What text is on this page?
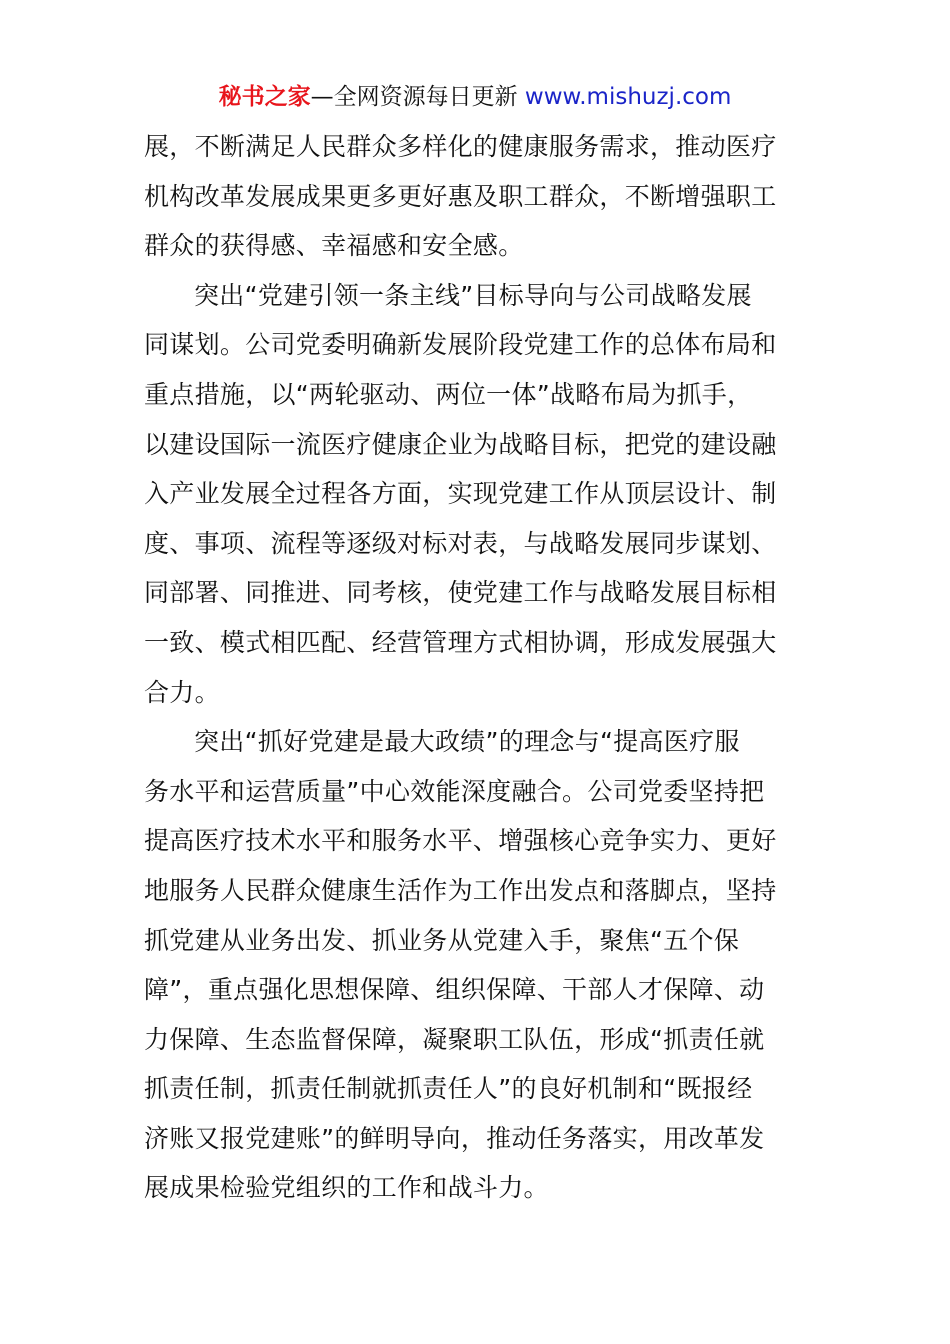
秘书之家—全网资源每日更新 www.mishuzj.com
展，不断满足人民群众多样化的健康服务需求，推动医疗
机构改革发展成果更多更好惠及职工群众，不断增强职工
群众的获得感、幸福感和安全感。
突出“党建引领一条主线”目标导向与公司战略发展
同谋划。公司党委明确新发展阶段党建工作的总体布局和
重点措施，以“两轮驱动、两位一体”战略布局为抓手，
以建设国际一流医疗健康企业为战略目标，把党的建设融
入产业发展全过程各方面，实现党建工作从顶层设计、制
度、事项、流程等逐级对标对表，与战略发展同步谋划、
同部署、同推进、同考核，使党建工作与战略发展目标相
一致、模式相匹配、经营管理方式相协调，形成发展强大
合力。
突出“抓好党建是最大政绩”的理念与“提高医疗服
务水平和运营质量”中心效能深度融合。公司党委坚持把
提高医疗技术水平和服务水平、增强核心竞争实力、更好
地服务人民群众健康生活作为工作出发点和落脚点，坚持
抓党建从业务出发、抓业务从党建入手，聚焦“五个保
障”，重点强化思想保障、组织保障、干部人才保障、动
力保障、生态监督保障，凝聚职工队伍，形成“抓责任就
抓责任制，抓责任制就抓责任人”的良好机制和“既报经
济账又报党建账”的鲜明导向，推动任务落实，用改革发
展成果检验党组织的工作和战斗力。
